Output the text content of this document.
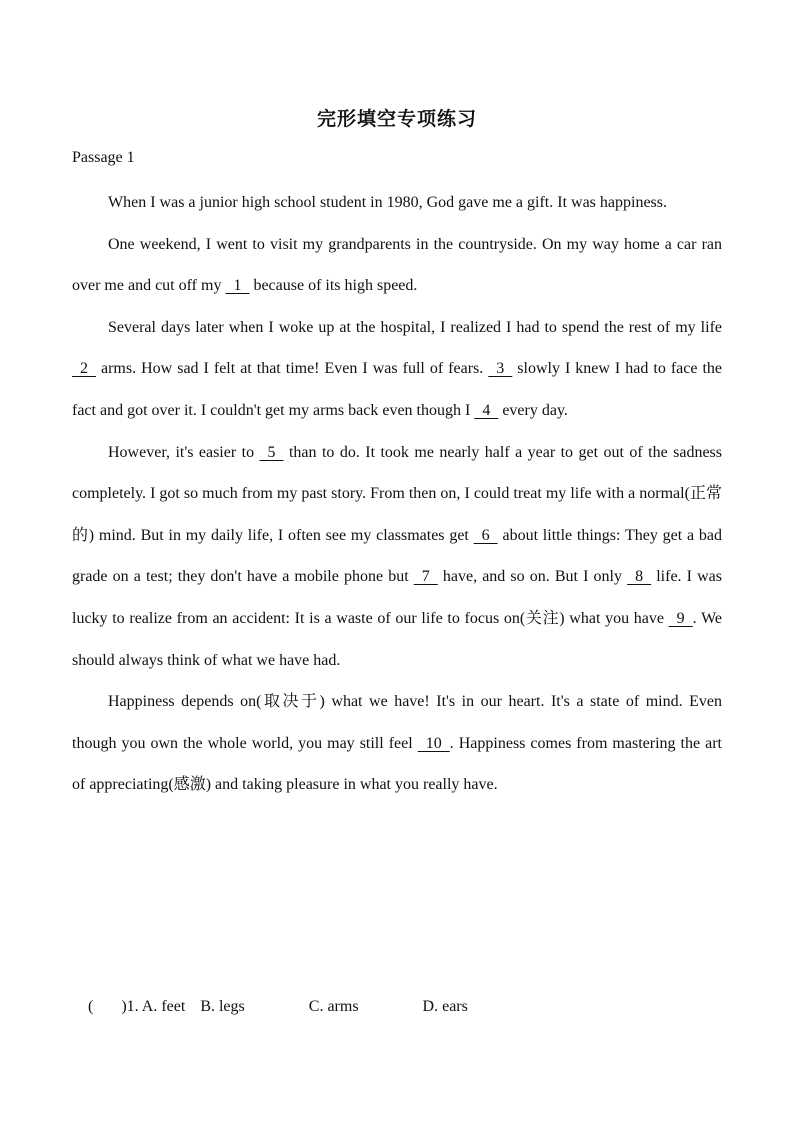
完形填空专项练习
Passage 1

When I was a junior high school student in 1980, God gave me a gift. It was happiness.

One weekend, I went to visit my grandparents in the countryside. On my way home a car ran over me and cut off my   1   because of its high speed.

Several days later when I woke up at the hospital, I realized I had to spend the rest of my life   2   arms. How sad I felt at that time! Even I was full of fears.   3   slowly I knew I had to face the fact and got over it. I couldn't get my arms back even though I   4   every day.

However, it's easier to   5   than to do. It took me nearly half a year to get out of the sadness completely. I got so much from my past story. From then on, I could treat my life with a normal(正常的) mind. But in my daily life, I often see my classmates get   6   about little things: They get a bad grade on a test; they don't have a mobile phone but   7   have, and so on. But I only   8   life. I was lucky to realize from an accident: It is a waste of our life to focus on(关注) what you have   9  . We should always think of what we have had.

Happiness depends on(取决于) what we have! It's in our heart. It's a state of mind. Even though you own the whole world, you may still feel   10  . Happiness comes from mastering the art of appreciating(感激) and taking pleasure in what you really have.

(       )1. A. feet B. legs	C. arms	D. ears
